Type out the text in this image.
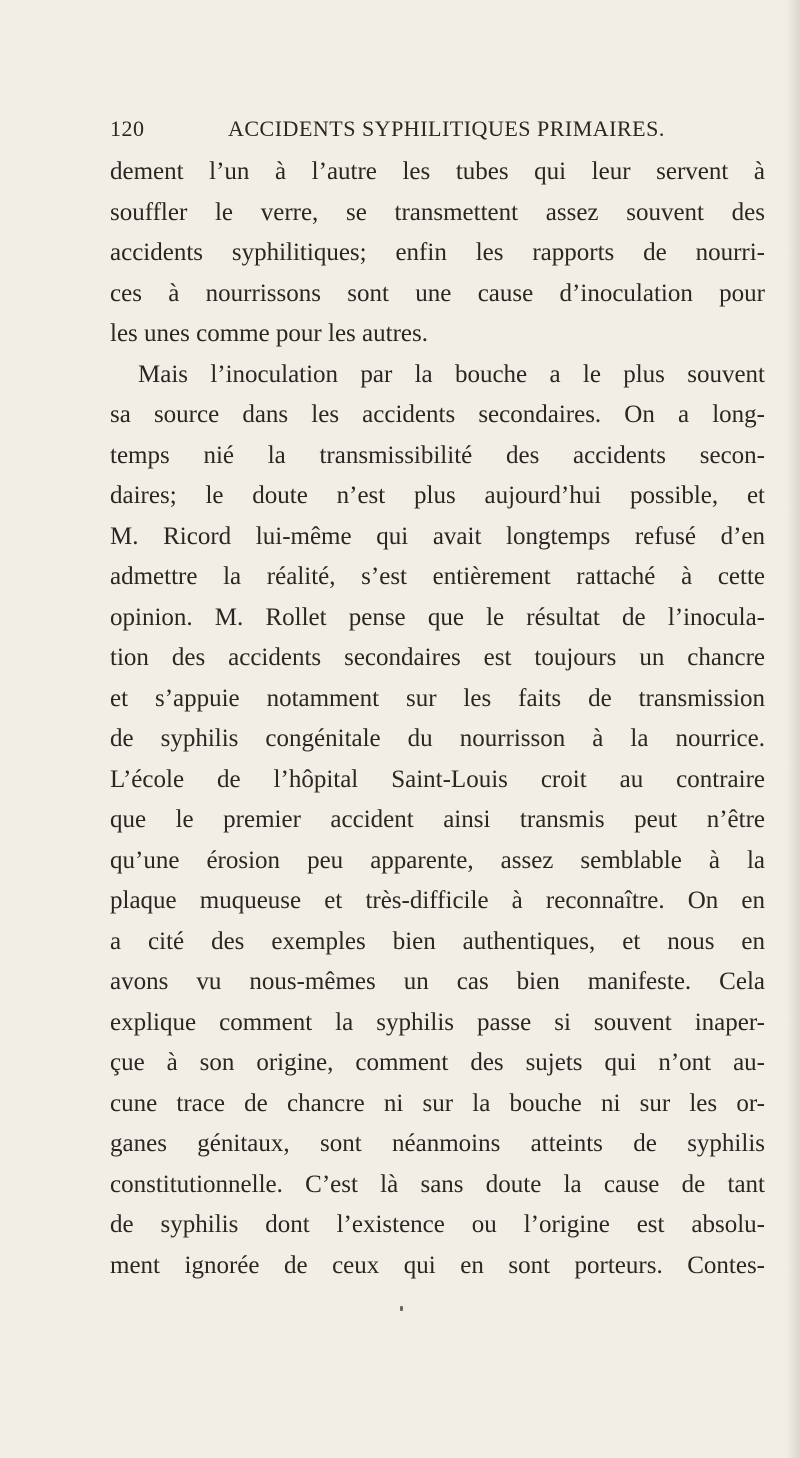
120	ACCIDENTS SYPHILITIQUES PRIMAIRES.
dement l’un à l’autre les tubes qui leur servent à
souffler le verre, se transmettent assez souvent des
accidents syphilitiques; enfin les rapports de nourri-
ces à nourrissons sont une cause d’inoculation pour
les unes comme pour les autres.
Mais l’inoculation par la bouche a le plus souvent
sa source dans les accidents secondaires. On a long-
temps nié la transmissibilité des accidents secon-
daires; le doute n’est plus aujourd’hui possible, et
M. Ricord lui-même qui avait longtemps refusé d’en
admettre la réalité, s’est entièrement rattaché à cette
opinion. M. Rollet pense que le résultat de l’inocula-
tion des accidents secondaires est toujours un chancre
et s’appuie notamment sur les faits de transmission
de syphilis congénitale du nourrisson à la nourrice.
L’école de l’hôpital Saint-Louis croit au contraire
que le premier accident ainsi transmis peut n’être
qu’une érosion peu apparente, assez semblable à la
plaque muqueuse et très-difficile à reconnaître. On en
a cité des exemples bien authentiques, et nous en
avons vu nous-mêmes un cas bien manifeste. Cela
explique comment la syphilis passe si souvent inaper-
çue à son origine, comment des sujets qui n’ont au-
cune trace de chancre ni sur la bouche ni sur les or-
ganes génitaux, sont néanmoins atteints de syphilis
constitutionnelle. C’est là sans doute la cause de tant
de syphilis dont l’existence ou l’origine est absolu-
ment ignorée de ceux qui en sont porteurs. Contes-
